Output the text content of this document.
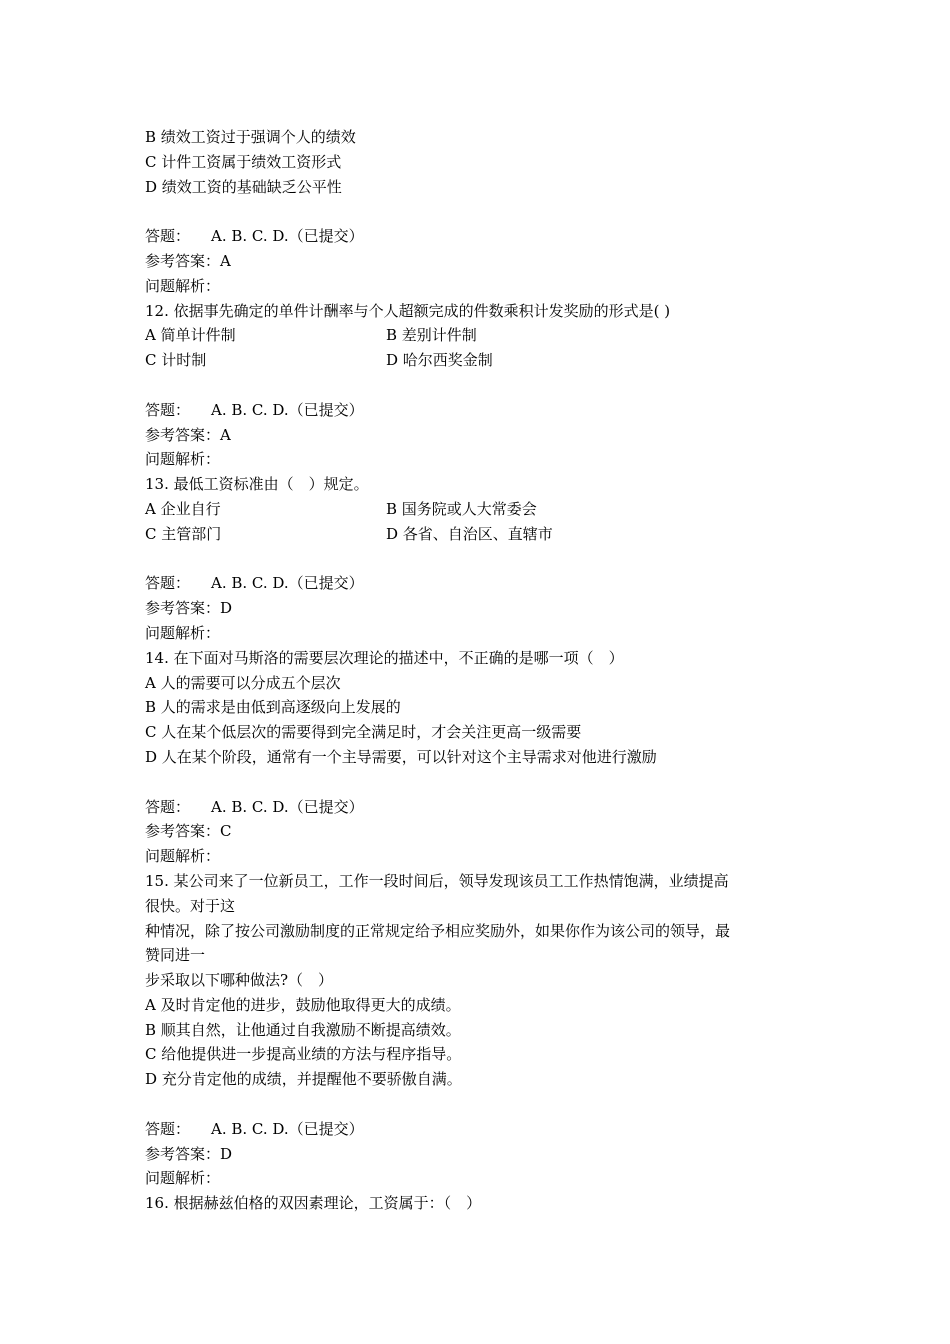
B 绩效工资过于强调个人的绩效
C 计件工资属于绩效工资形式
D 绩效工资的基础缺乏公平性
答题： A. B. C. D.（已提交）
参考答案：A
问题解析：
12. 依据事先确定的单件计酬率与个人超额完成的件数乘积计发奖励的形式是( )
A 简单计件制	B 差别计件制
C 计时制	D 哈尔西奖金制
答题： A. B. C. D.（已提交）
参考答案：A
问题解析：
13. 最低工资标准由（　）规定。
A 企业自行	B 国务院或人大常委会
C 主管部门	D 各省、自治区、直辖市
答题： A. B. C. D.（已提交）
参考答案：D
问题解析：
14. 在下面对马斯洛的需要层次理论的描述中，不正确的是哪一项（　）
A 人的需要可以分成五个层次
B 人的需求是由低到高逐级向上发展的
C 人在某个低层次的需要得到完全满足时，才会关注更高一级需要
D 人在某个阶段，通常有一个主导需要，可以针对这个主导需求对他进行激励
答题： A. B. C. D.（已提交）
参考答案：C
问题解析：
15. 某公司来了一位新员工，工作一段时间后，领导发现该员工工作热情饱满，业绩提高
很快。对于这
种情况，除了按公司激励制度的正常规定给予相应奖励外，如果你作为该公司的领导，最
赞同进一
步采取以下哪种做法?（　）
A 及时肯定他的进步，鼓励他取得更大的成绩。
B 顺其自然，让他通过自我激励不断提高绩效。
C 给他提供进一步提高业绩的方法与程序指导。
D 充分肯定他的成绩，并提醒他不要骄傲自满。
答题： A. B. C. D.（已提交）
参考答案：D
问题解析：
16. 根据赫兹伯格的双因素理论，工资属于：（　）
